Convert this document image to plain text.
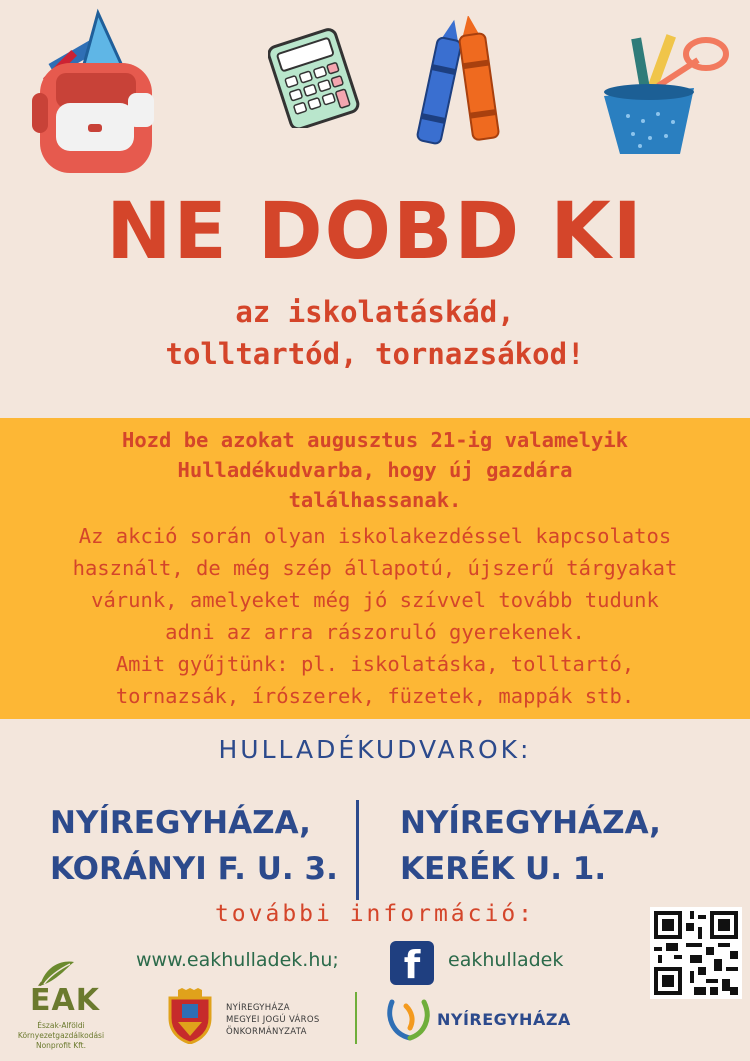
NE DOBD KI
az iskolatáskád,
tolltartód, tornazsákod!
Hozd be azokat augusztus 21-ig valamelyik
Hulladékudvarba, hogy új gazdára
találhassanak.
Az akció során olyan iskolakezdéssel kapcsolatos
használt, de még szép állapotú, újszerű tárgyakat
várunk, amelyeket még jó szívvel tovább tudunk
adni az arra rászoruló gyerekenek.
Amit gyűjtünk: pl. iskolatáska, tolltartó,
tornazsák, írószerek, füzetek, mappák stb.
HULLADÉKUDVAROK:
NYÍREGYHÁZA,
KORÁNYI F. U. 3.
NYÍREGYHÁZA,
KERÉK U. 1.
további információ:
www.eakhulladek.hu;	f	eakhulladek
ÉAK
Észak-Alföldi
Környezetgazdálkodási
Nonprofit Kft.
NYÍREGYHÁZA
MEGYEI JOGÚ VÁROS
ÖNKORMÁNYZATA
NYÍREGYHÁZA
